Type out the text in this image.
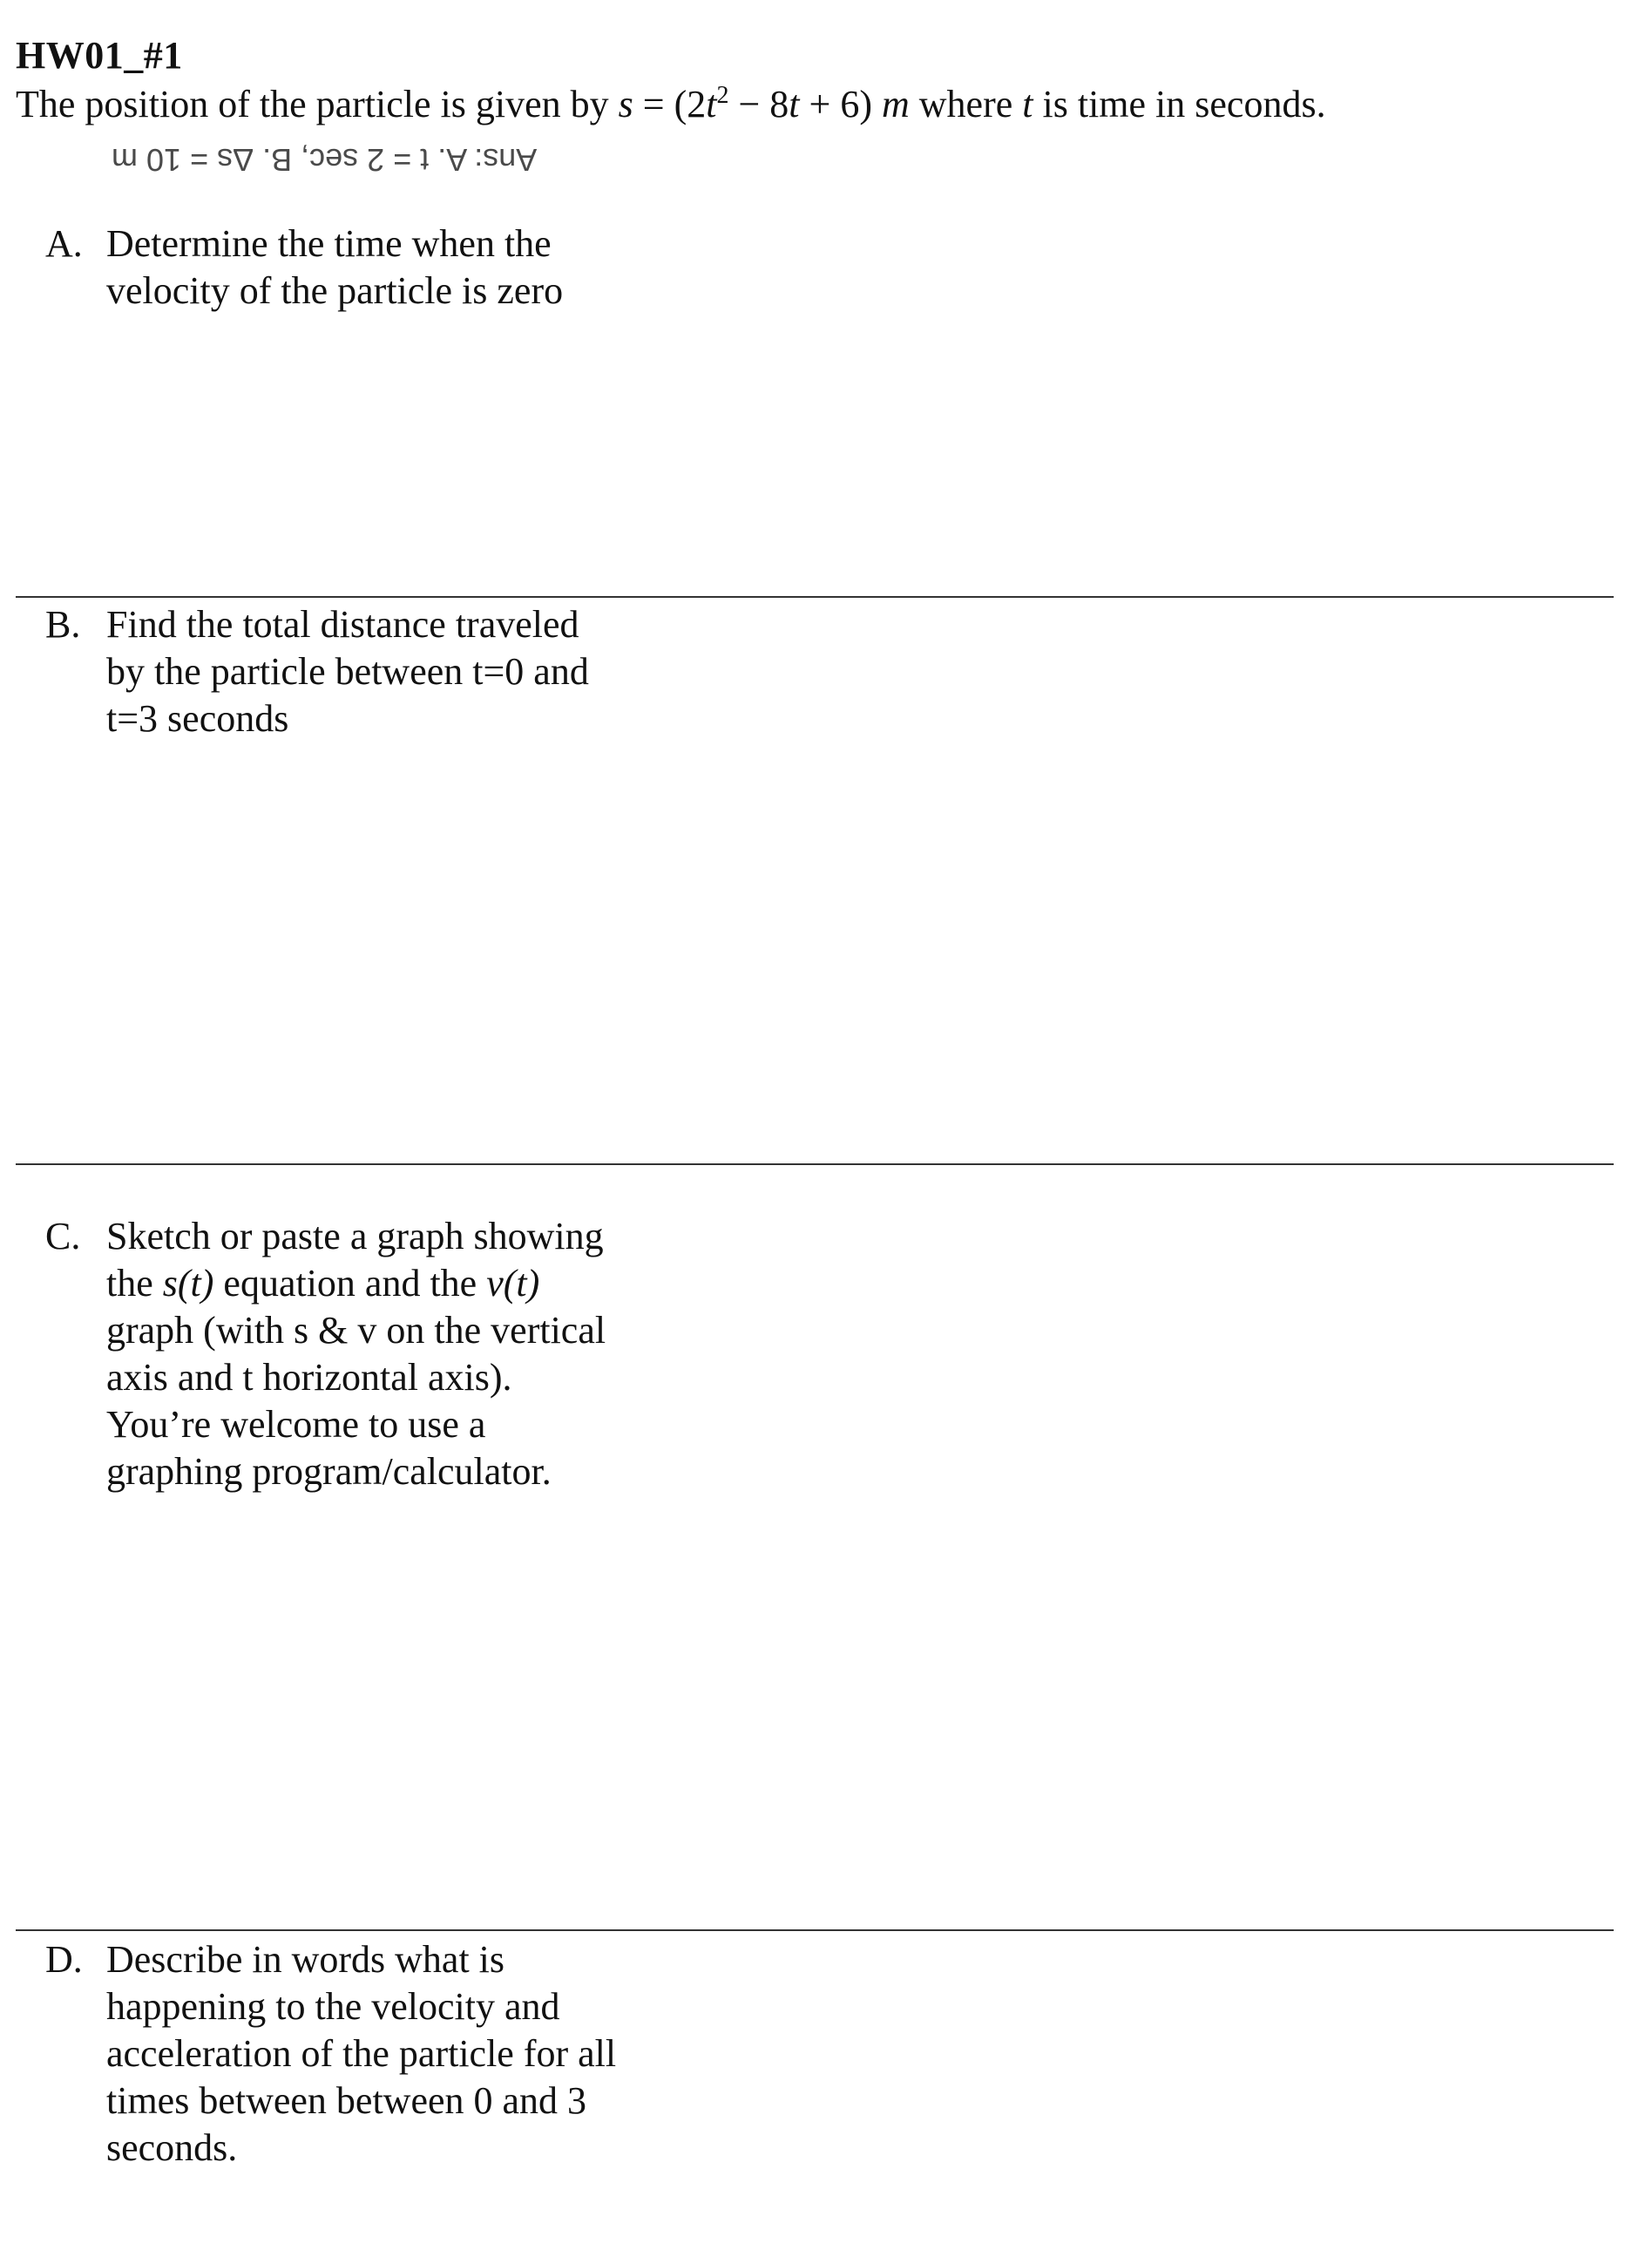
HW01_#1
The position of the particle is given by $s = (2t^2 - 8t + 6)$ m where t is time in seconds.
Ans: A. t = 2 sec, B. Δs = 10 m
A. Determine the time when the
velocity of the particle is zero
B. Find the total distance traveled
by the particle between t=0 and
t=3 seconds
C. Sketch or paste a graph showing
the s(t) equation and the v(t)
graph (with s & v on the vertical
axis and t horizontal axis).
You’re welcome to use a
graphing program/calculator.
D. Describe in words what is
happening to the velocity and
acceleration of the particle for all
times between between 0 and 3
seconds.
